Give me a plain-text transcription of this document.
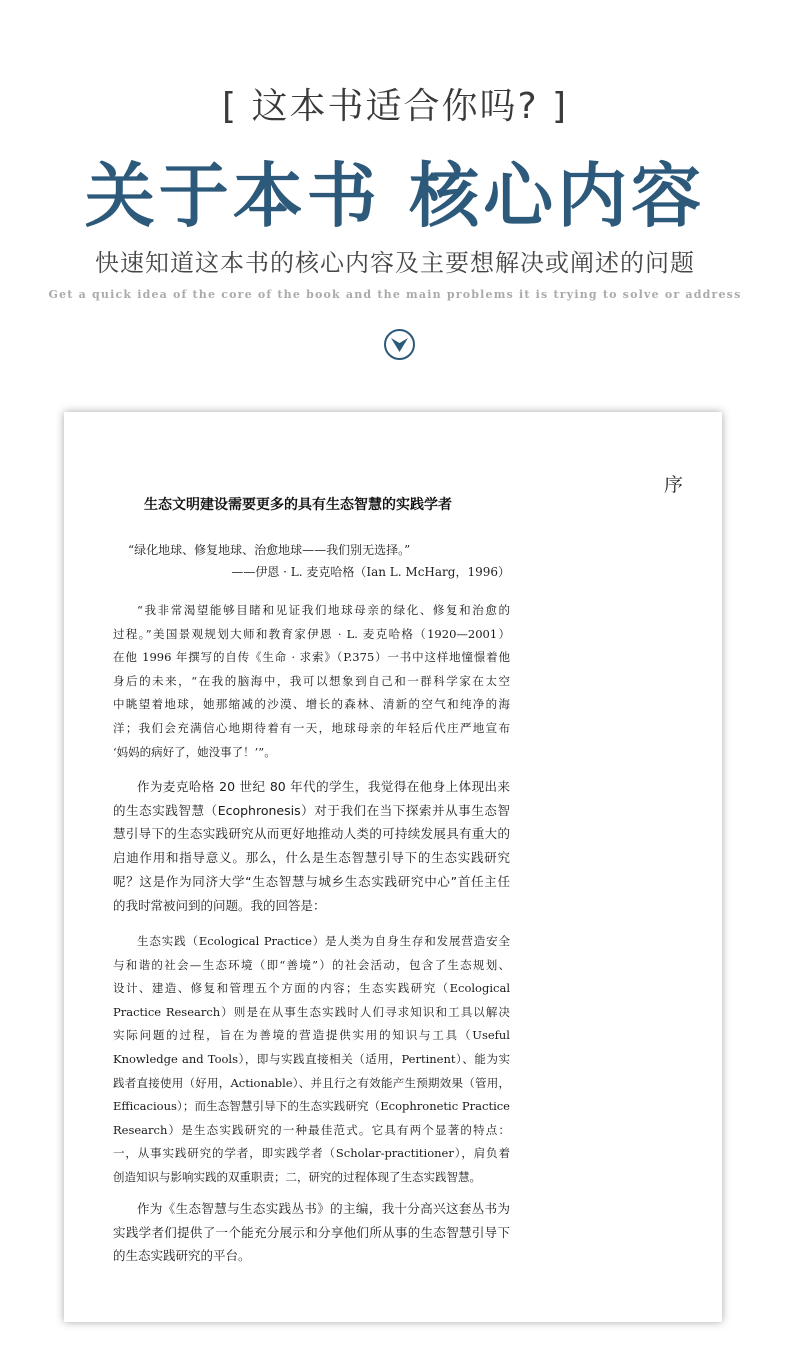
[ 这本书适合你吗? ]
关于本书 核心内容
快速知道这本书的核心内容及主要想解决或阐述的问题
Get a quick idea of the core of the book and the main problems it is trying to solve or address
序
生态文明建设需要更多的具有生态智慧的实践学者
“绿化地球、修复地球、治愈地球——我们别无选择。”
——伊恩 · L. 麦克哈格（Ian L. McHarg，1996）
“我非常渴望能够目睹和见证我们地球母亲的绿化、修复和治愈的
过程。”美国景观规划大师和教育家伊恩 · L. 麦克哈格（1920—2001）
在他 1996 年撰写的自传《生命 · 求索》（P.375）一书中这样地憧憬着他
身后的未来，“在我的脑海中，我可以想象到自己和一群科学家在太空
中眺望着地球，她那缩减的沙漠、增长的森林、清新的空气和纯净的海
洋；我们会充满信心地期待着有一天，地球母亲的年轻后代庄严地宣布
‘妈妈的病好了，她没事了！’”。
作为麦克哈格 20 世纪 80 年代的学生，我觉得在他身上体现出来
的生态实践智慧（Ecophronesis）对于我们在当下探索并从事生态智
慧引导下的生态实践研究从而更好地推动人类的可持续发展具有重大的
启迪作用和指导意义。那么，什么是生态智慧引导下的生态实践研究
呢？这是作为同济大学“生态智慧与城乡生态实践研究中心”首任主任
的我时常被问到的问题。我的回答是：
生态实践（Ecological Practice）是人类为自身生存和发展营造安全
与和谐的社会—生态环境（即“善境”）的社会活动，包含了生态规划、
设计、建造、修复和管理五个方面的内容；生态实践研究（Ecological
Practice Research）则是在从事生态实践时人们寻求知识和工具以解决
实际问题的过程，旨在为善境的营造提供实用的知识与工具（Useful
Knowledge and Tools），即与实践直接相关（适用，Pertinent）、能为实
践者直接使用（好用，Actionable）、并且行之有效能产生预期效果（管用，
Efficacious）；而生态智慧引导下的生态实践研究（Ecophronetic Practice
Research）是生态实践研究的一种最佳范式。它具有两个显著的特点：
一，从事实践研究的学者，即实践学者（Scholar-practitioner），肩负着
创造知识与影响实践的双重职责；二，研究的过程体现了生态实践智慧。
作为《生态智慧与生态实践丛书》的主编，我十分高兴这套丛书为
实践学者们提供了一个能充分展示和分享他们所从事的生态智慧引导下
的生态实践研究的平台。
